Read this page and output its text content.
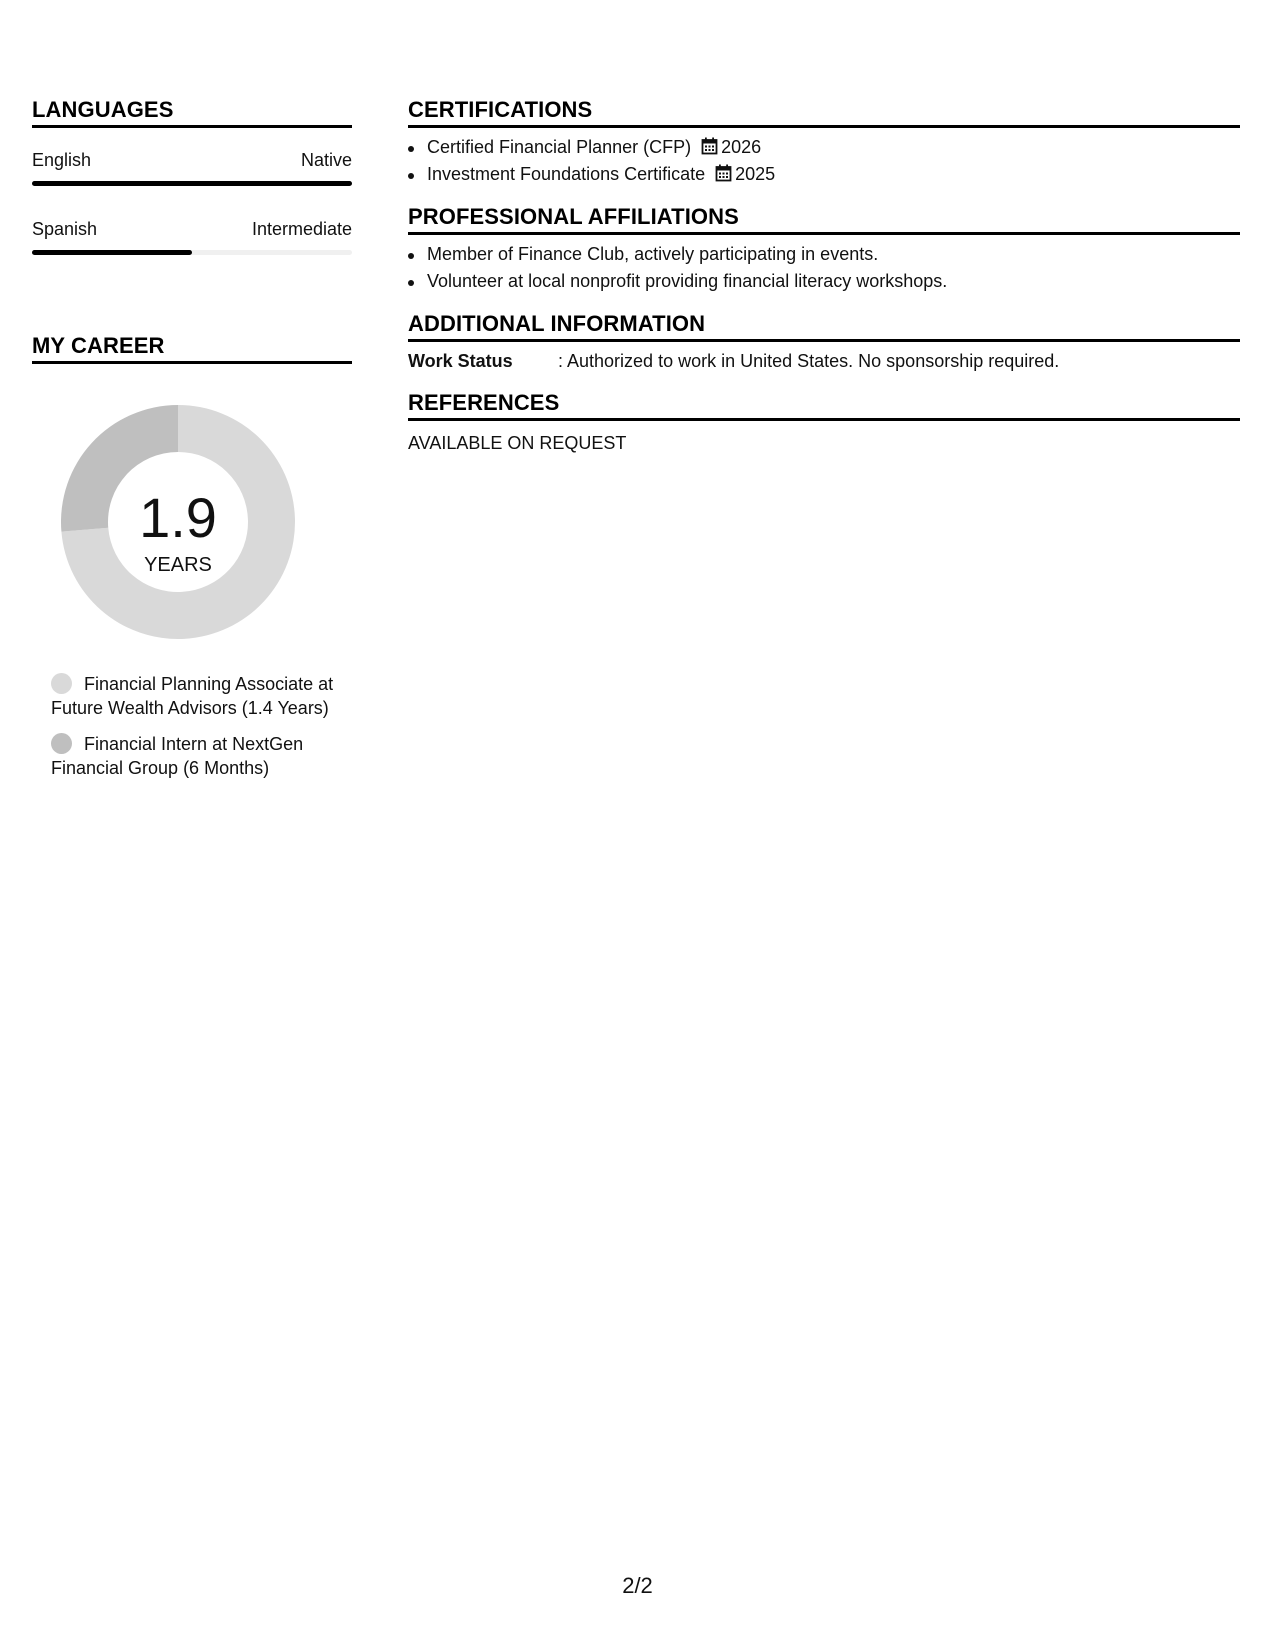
LANGUAGES
English	Native
Spanish	Intermediate
MY CAREER
1.9
YEARS
Financial Planning Associate at Future Wealth Advisors (1.4 Years)
Financial Intern at NextGen Financial Group (6 Months)
CERTIFICATIONS
Certified Financial Planner (CFP) 2026
Investment Foundations Certificate 2025
PROFESSIONAL AFFILIATIONS
Member of Finance Club, actively participating in events.
Volunteer at local nonprofit providing financial literacy workshops.
ADDITIONAL INFORMATION
Work Status	: Authorized to work in United States. No sponsorship required.
REFERENCES
AVAILABLE ON REQUEST
2/2
